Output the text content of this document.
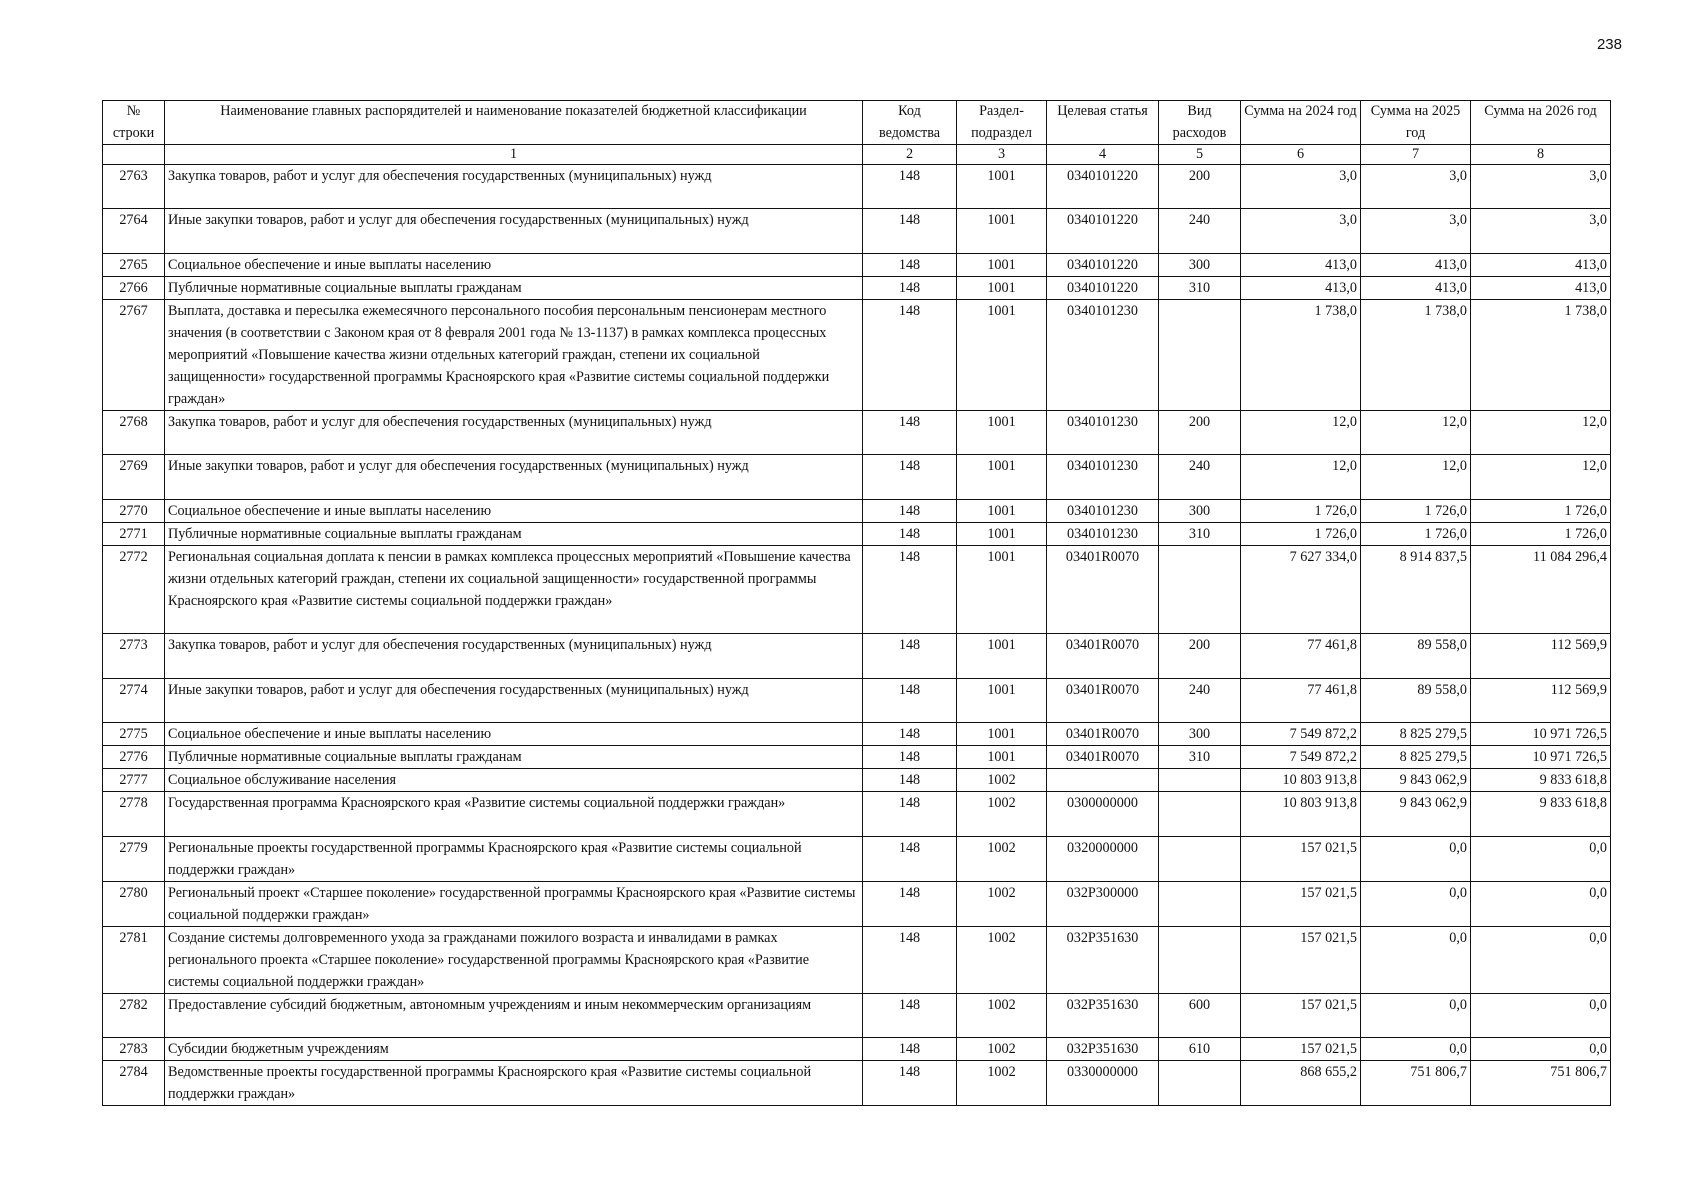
238
№ строки	Наименование главных распорядителей и наименование показателей бюджетной классификации	Код ведомства	Раздел-подраздел	Целевая статья	Вид расходов	Сумма на 2024 год	Сумма на 2025 год	Сумма на 2026 год
	1	2	3	4	5	6	7	8
2763	Закупка товаров, работ и услуг для обеспечения государственных (муниципальных) нужд	148	1001	0340101220	200	3,0	3,0	3,0
2764	Иные закупки товаров, работ и услуг для обеспечения государственных (муниципальных) нужд	148	1001	0340101220	240	3,0	3,0	3,0
2765	Социальное обеспечение и иные выплаты населению	148	1001	0340101220	300	413,0	413,0	413,0
2766	Публичные нормативные социальные выплаты гражданам	148	1001	0340101220	310	413,0	413,0	413,0
2767	Выплата, доставка и пересылка ежемесячного персонального пособия персональным пенсионерам местного значения (в соответствии с Законом края от 8 февраля 2001 года № 13-1137) в рамках комплекса процессных мероприятий «Повышение качества жизни отдельных категорий граждан, степени их социальной защищенности» государственной программы Красноярского края «Развитие системы социальной поддержки граждан»	148	1001	0340101230		1 738,0	1 738,0	1 738,0
2768	Закупка товаров, работ и услуг для обеспечения государственных (муниципальных) нужд	148	1001	0340101230	200	12,0	12,0	12,0
2769	Иные закупки товаров, работ и услуг для обеспечения государственных (муниципальных) нужд	148	1001	0340101230	240	12,0	12,0	12,0
2770	Социальное обеспечение и иные выплаты населению	148	1001	0340101230	300	1 726,0	1 726,0	1 726,0
2771	Публичные нормативные социальные выплаты гражданам	148	1001	0340101230	310	1 726,0	1 726,0	1 726,0
2772	Региональная социальная доплата к пенсии в рамках комплекса процессных мероприятий «Повышение качества жизни отдельных категорий граждан, степени их социальной защищенности» государственной программы Красноярского края «Развитие системы социальной поддержки граждан»	148	1001	03401R0070		7 627 334,0	8 914 837,5	11 084 296,4
2773	Закупка товаров, работ и услуг для обеспечения государственных (муниципальных) нужд	148	1001	03401R0070	200	77 461,8	89 558,0	112 569,9
2774	Иные закупки товаров, работ и услуг для обеспечения государственных (муниципальных) нужд	148	1001	03401R0070	240	77 461,8	89 558,0	112 569,9
2775	Социальное обеспечение и иные выплаты населению	148	1001	03401R0070	300	7 549 872,2	8 825 279,5	10 971 726,5
2776	Публичные нормативные социальные выплаты гражданам	148	1001	03401R0070	310	7 549 872,2	8 825 279,5	10 971 726,5
2777	Социальное обслуживание населения	148	1002			10 803 913,8	9 843 062,9	9 833 618,8
2778	Государственная программа Красноярского края «Развитие системы социальной поддержки граждан»	148	1002	0300000000		10 803 913,8	9 843 062,9	9 833 618,8
2779	Региональные проекты государственной программы Красноярского края «Развитие системы социальной поддержки граждан»	148	1002	0320000000		157 021,5	0,0	0,0
2780	Региональный проект «Старшее поколение» государственной программы Красноярского края «Развитие системы социальной поддержки граждан»	148	1002	032P300000		157 021,5	0,0	0,0
2781	Создание системы долговременного ухода за гражданами пожилого возраста и инвалидами в рамках регионального проекта «Старшее поколение» государственной программы Красноярского края «Развитие системы социальной поддержки граждан»	148	1002	032P351630		157 021,5	0,0	0,0
2782	Предоставление субсидий бюджетным, автономным учреждениям и иным некоммерческим организациям	148	1002	032P351630	600	157 021,5	0,0	0,0
2783	Субсидии бюджетным учреждениям	148	1002	032P351630	610	157 021,5	0,0	0,0
2784	Ведомственные проекты государственной программы Красноярского края «Развитие системы социальной поддержки граждан»	148	1002	0330000000		868 655,2	751 806,7	751 806,7
